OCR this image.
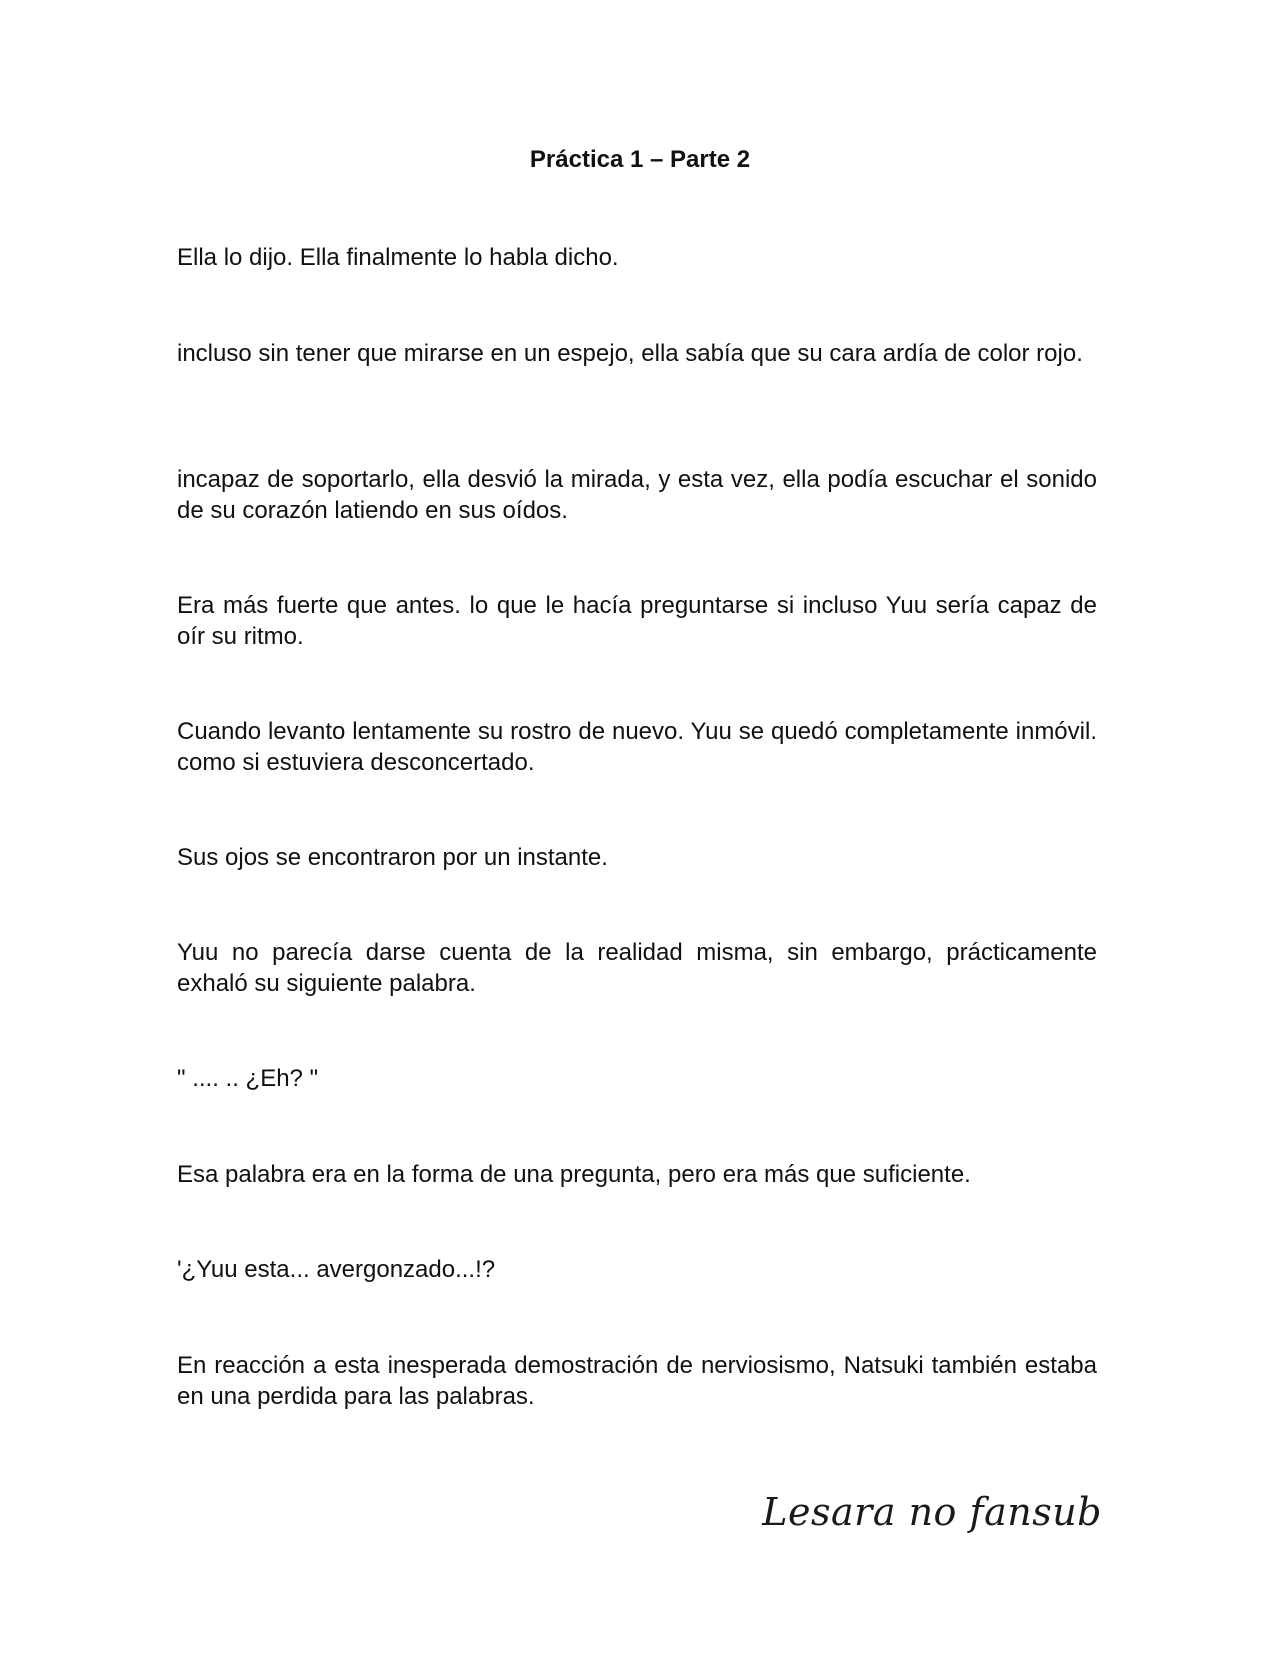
Práctica 1 – Parte 2

Ella lo dijo. Ella finalmente lo habla dicho.

incluso sin tener que mirarse en un espejo, ella sabía que su cara ardía de color rojo.

incapaz de soportarlo, ella desvió la mirada, y esta vez, ella podía escuchar el sonido de su corazón latiendo en sus oídos.

Era más fuerte que antes. lo que le hacía preguntarse si incluso Yuu sería capaz de oír su ritmo.

Cuando levanto lentamente su rostro de nuevo. Yuu se quedó completamente inmóvil. como si estuviera desconcertado.

Sus ojos se encontraron por un instante.

Yuu no parecía darse cuenta de la realidad misma, sin embargo, prácticamente exhaló su siguiente palabra.

" .... .. ¿Eh? "

Esa palabra era en la forma de una pregunta, pero era más que suficiente.

'¿Yuu esta... avergonzado...!?

En reacción a esta inesperada demostración de nerviosismo, Natsuki también estaba en una perdida para las palabras.

Lesara no fansub
